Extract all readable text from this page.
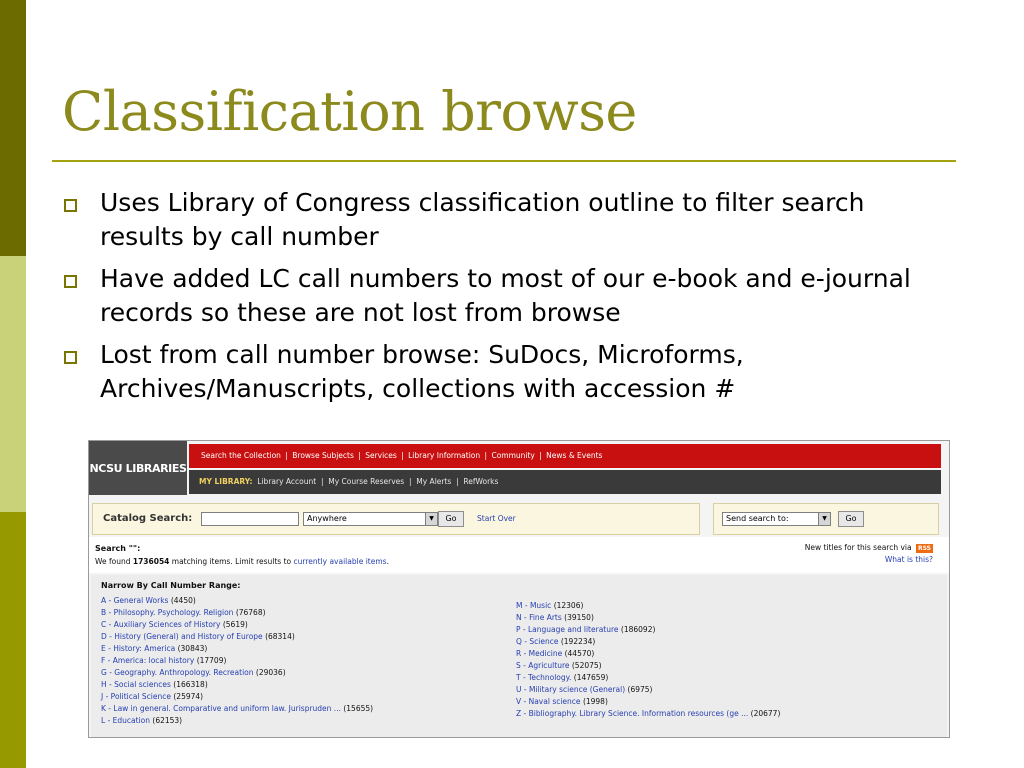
Classification browse
Uses Library of Congress classification outline to filter search results by call number
Have added LC call numbers to most of our e-book and e-journal records so these are not lost from browse
Lost from call number browse: SuDocs, Microforms, Archives/Manuscripts, collections with accession #
NCSU LIBRARIES
Search the Collection | Browse Subjects | Services | Library Information | Community | News & Events
MY LIBRARY: Library Account  |  My Course Reserves  |  My Alerts  |  RefWorks
Catalog Search:	Anywhere	▼	Go	Start Over	Send search to:	▼	Go
Search "":
We found 1736054 matching items. Limit results to currently available items.
New titles for this search via RSS
What is this?
Narrow By Call Number Range:
A - General Works (4450)
B - Philosophy. Psychology. Religion (76768)
C - Auxiliary Sciences of History (5619)
D - History (General) and History of Europe (68314)
E - History: America (30843)
F - America: local history (17709)
G - Geography. Anthropology. Recreation (29036)
H - Social sciences (166318)
J - Political Science (25974)
K - Law in general. Comparative and uniform law. Jurispruden ... (15655)
L - Education (62153)
M - Music (12306)
N - Fine Arts (39150)
P - Language and literature (186092)
Q - Science (192234)
R - Medicine (44570)
S - Agriculture (52075)
T - Technology. (147659)
U - Military science (General) (6975)
V - Naval science (1998)
Z - Bibliography. Library Science. Information resources (ge ... (20677)
